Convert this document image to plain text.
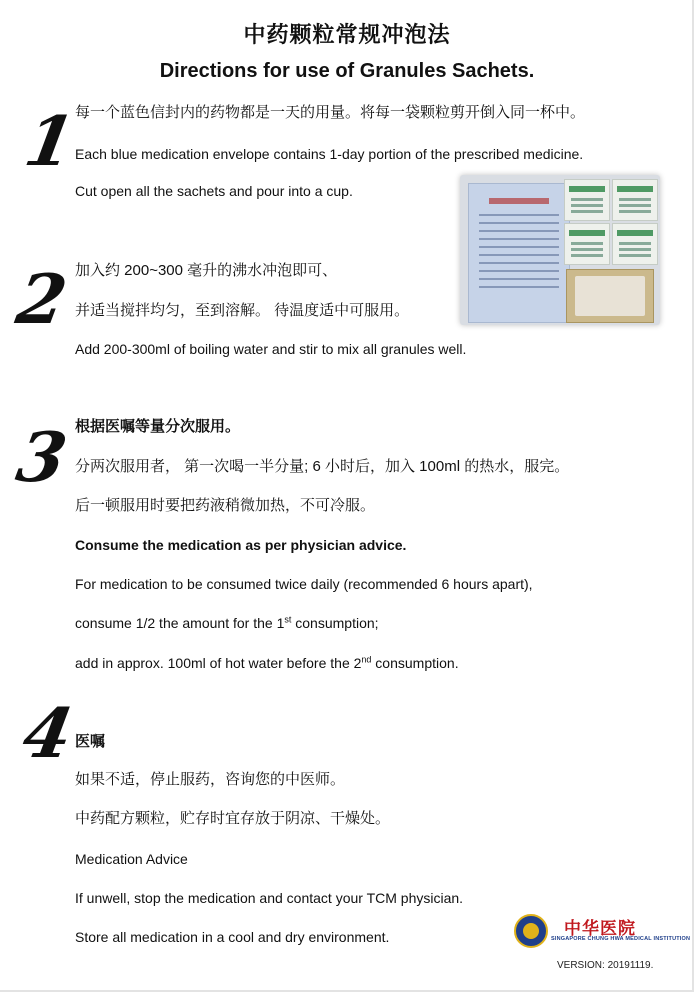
中药颗粒常规冲泡法
Directions for use of Granules Sachets.
1
每一个蓝色信封内的药物都是一天的用量。将每一袋颗粒剪开倒入同一杯中。
Each blue medication envelope contains 1-day portion of the prescribed medicine.
Cut open all the sachets and pour into a cup.
2 加入约 200~300 毫升的沸水冲泡即可、
并适当搅拌均匀，至到溶解。 待温度适中可服用。
Add 200-300ml of boiling water and stir to mix all granules well.
3 根据医嘱等量分次服用。
分两次服用者， 第一次喝一半分量; 6 小时后，加入 100ml 的热水，服完。
后一顿服用时要把药液稍微加热，不可冷服。
Consume the medication as per physician advice.
For medication to be consumed twice daily (recommended 6 hours apart),
consume 1/2 the amount for the 1st consumption;
add in approx. 100ml of hot water before the 2nd consumption.
4
医嘱
如果不适，停止服药，咨询您的中医师。
中药配方颗粒，贮存时宜存放于阴凉、干燥处。
Medication Advice
If unwell, stop the medication and contact your TCM physician.
Store all medication in a cool and dry environment.	中华医院
SINGAPORE CHUNG HWA MEDICAL INSTITUTION
VERSION: 20191119.
